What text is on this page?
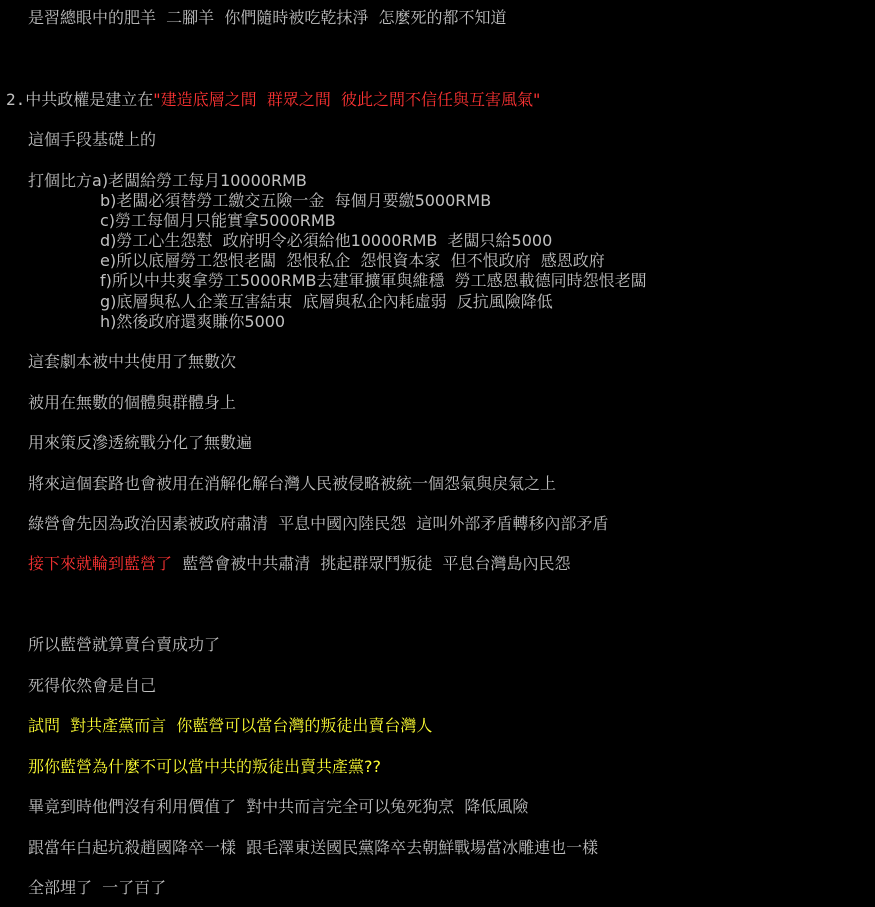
是習總眼中的肥羊  二腳羊  你們隨時被吃乾抹淨  怎麼死的都不知道
2.中共政權是建立在"建造底層之間  群眾之間  彼此之間不信任與互害風氣"
這個手段基礎上的
打個比方a)老闆給勞工每月10000RMB
b)老闆必須替勞工繳交五險一金  每個月要繳5000RMB
c)勞工每個月只能實拿5000RMB
d)勞工心生怨懟  政府明令必須給他10000RMB  老闆只給5000
e)所以底層勞工怨恨老闆  怨恨私企  怨恨資本家  但不恨政府  感恩政府
f)所以中共爽拿勞工5000RMB去建軍擴軍與維穩  勞工感恩載德同時怨恨老闆
g)底層與私人企業互害結束  底層與私企內耗虛弱  反抗風險降低
h)然後政府還爽賺你5000
這套劇本被中共使用了無數次
被用在無數的個體與群體身上
用來策反滲透統戰分化了無數遍
將來這個套路也會被用在消解化解台灣人民被侵略被統一個怨氣與戾氣之上
綠營會先因為政治因素被政府肅清  平息中國內陸民怨  這叫外部矛盾轉移內部矛盾
接下來就輪到藍營了  藍營會被中共肅清  挑起群眾鬥叛徒  平息台灣島內民怨
所以藍營就算賣台賣成功了
死得依然會是自己
試問  對共產黨而言  你藍營可以當台灣的叛徒出賣台灣人
那你藍營為什麼不可以當中共的叛徒出賣共產黨??
畢竟到時他們沒有利用價值了  對中共而言完全可以兔死狗烹  降低風險
跟當年白起坑殺趙國降卒一樣  跟毛澤東送國民黨降卒去朝鮮戰場當冰雕連也一樣
全部埋了  一了百了
